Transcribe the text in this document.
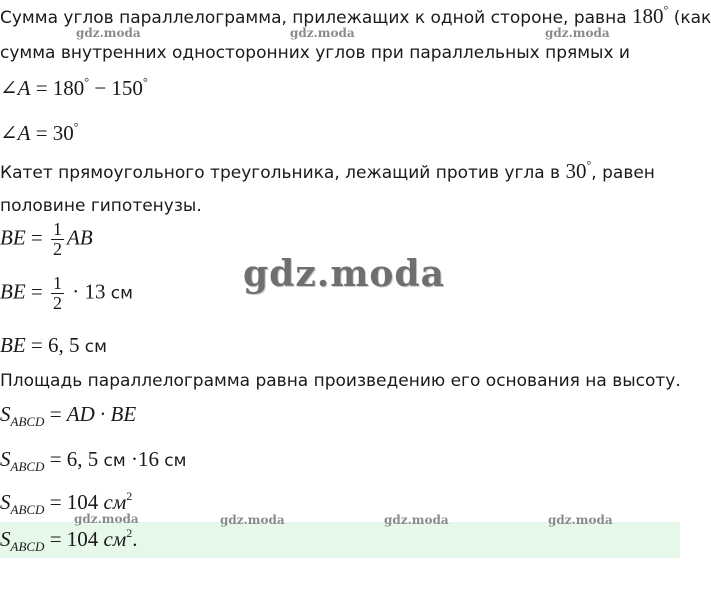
Сумма углов параллелограмма, прилежащих к одной стороне, равна 180° (как
сумма внутренних односторонних углов при параллельных прямых и
∠A = 180° − 150°
∠A = 30°
Катет прямоугольного треугольника, лежащий против угла в 30°, равен
половине гипотенузы.
BE = $\frac{1}{2}$ AB
BE = $\frac{1}{2} \cdot 13$ см
BE = 6, 5 см
Площадь параллелограмма равна произведению его основания на высоту.
$S_{ABCD}$ = AD · BE
$S_{ABCD} = 6$, 5 см ·16 см
$S_{ABCD} = 104$ $см^2$
$S_{ABCD} = 104$ $см^2$.
gdz.moda	gdz.moda	gdz.moda
gdz.moda
gdz.moda	gdz.moda	gdz.moda	gdz.moda
